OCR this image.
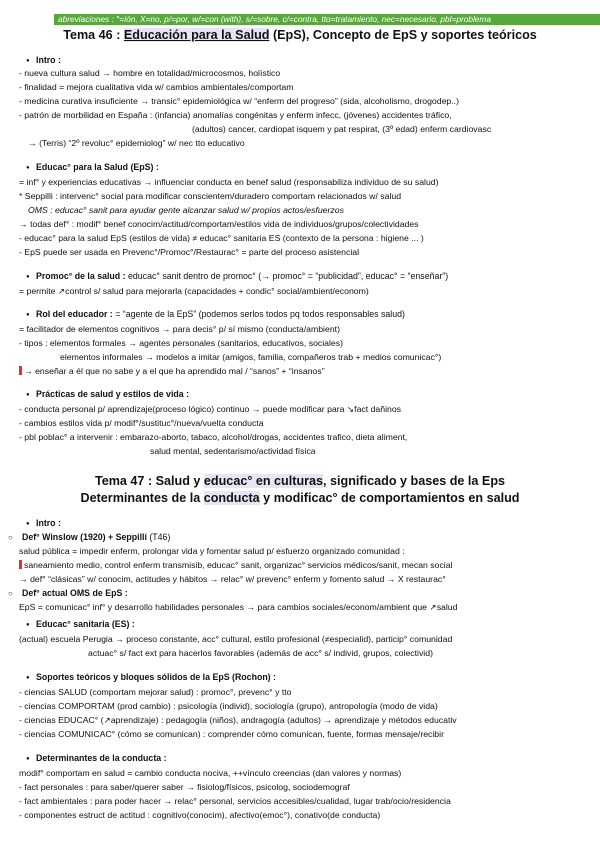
abreviaciones : °=ión, X=no, p/=por, w/=con (with), s/=sobre, c/=contra, tto=tratamiento, nec=necesario, pbl=problema
Tema 46 : Educación para la Salud (EpS), Concepto de EpS y soportes teóricos
● Intro :
- nueva cultura salud → hombre en totalidad/microcosmos, holístico
- finalidad = mejora cualitativa vida w/ cambios ambientales/comportam
- medicina curativa insuficiente → transic° epidemiológica w/ “enferm del progreso” (sida, alcoholismo, drogodep..)
- patrón de morbilidad en España : (infancia) anomalías congénitas y enferm infecc, (jóvenes) accidentes tráfico,
(adultos) cancer, cardiopat isquem y pat respirat, (3º edad) enferm cardiovasc
→ (Terris) “2º revoluc° epidemiolog” w/ nec tto educativo
● Educac° para la Salud (EpS) :
= inf° y experiencias educativas → influenciar conducta en benef salud (responsabiliza individuo de su salud)
* Seppilli : intervenc° social para modificar conscientem/duradero comportam relacionados w/ salud
OMS : educac° sanit para ayudar gente alcanzar salud w/ propios actos/esfuerzos
→ todas def° : modif° benef conocim/actitud/comportam/estilos vida de individuos/grupos/colectividades
- educac° para la salud EpS (estilos de vida) ≠ educac° sanitaria ES (contexto de la persona : higiene ... )
- EpS puede ser usada en Prevenc°/Promoc°/Restaurac° = parte del proceso asistencial
● Promoc° de la salud : educac° sanit dentro de promoc° (→ promoc° = “publicidad”, educac° = “enseñar”)
= permite ↗control s/ salud para mejorarla (capacidades + condic° social/ambient/econom)
● Rol del educador : = “agente de la EpS” (podemos serlos todos pq todos responsables salud)
= facilitador de elementos cognitivos → para decis° p/ sí mismo (conducta/ambient)
- tipos : elementos formales → agentes personales (sanitarios, educativos, sociales)
elementos informales → modelos a imitar (amigos, familia, compañeros trab + medios comunicac°)
→ enseñar a él que no sabe y a el que ha aprendido mal / “sanos” + “insanos”
● Prácticas de salud y estilos de vida :
- conducta personal p/ aprendizaje(proceso lógico) continuo → puede modificar para ↘fact dañinos
- cambios estilos vida p/ modif°/sustituc°/nueva/vuelta conducta
- pbl poblac° a intervenir : embarazo-aborto, tabaco, alcohol/drogas, accidentes trafico, dieta aliment,
salud mental, sedentarismo/actividad física
Tema 47 : Salud y educac° en culturas, significado y bases de la Eps
Determinantes de la conducta y modificac° de comportamientos en salud
● Intro :
○ Def° Winslow (1920) + Seppilli (T46)
salud pública = impedir enferm, prolongar vida y fomentar salud p/ esfuerzo organizado comunidad :
saneamiento medio, control enferm transmisib, educac° sanit, organizac° servicios médicos/sanit, mecan social
→ def° “clásicas” w/ conocim, actitudes y hábitos → relac° w/ prevenc° enferm y fomento salud → X restaurac°
○ Def° actual OMS de EpS :
EpS = comunicac° inf° y desarrollo habilidades personales → para cambios sociales/econom/ambient que ↗salud
● Educac° sanitaria (ES) :
(actual) escuela Perugia → proceso constante, acc° cultural, estilo profesional (≠especialid), particip° comunidad
actuac° s/ fact ext para hacerlos favorables (además de acc° s/ individ, grupos, colectivid)
● Soportes teóricos y bloques sólidos de la EpS (Rochon) :
- ciencias SALUD (comportam mejorar salud) : promoc°, prevenc° y tto
- ciencias COMPORTAM (prod cambio) : psicología (individ), sociología (grupo), antropología (modo de vida)
- ciencias EDUCAC° (↗aprendizaje) : pedagogía (niños), andragogía (adultos) → aprendizaje y métodos educativ
- ciencias COMUNICAC° (cómo se comunican) : comprender cómo comunican, fuente, formas mensaje/recibir
● Determinantes de la conducta :
modif° comportam en salud = cambio conducta nociva, ++vínculo creencias (dan valores y normas)
- fact personales : para saber/querer saber → fisiolog/físicos, psicolog, sociodemograf
- fact ambientales : para poder hacer → relac° personal, servicios accesibles/cualidad, lugar trab/ocio/residencia
- componentes estruct de actitud : cognitivo(conocim), afectivo(emoc°), conativo(de conducta)
